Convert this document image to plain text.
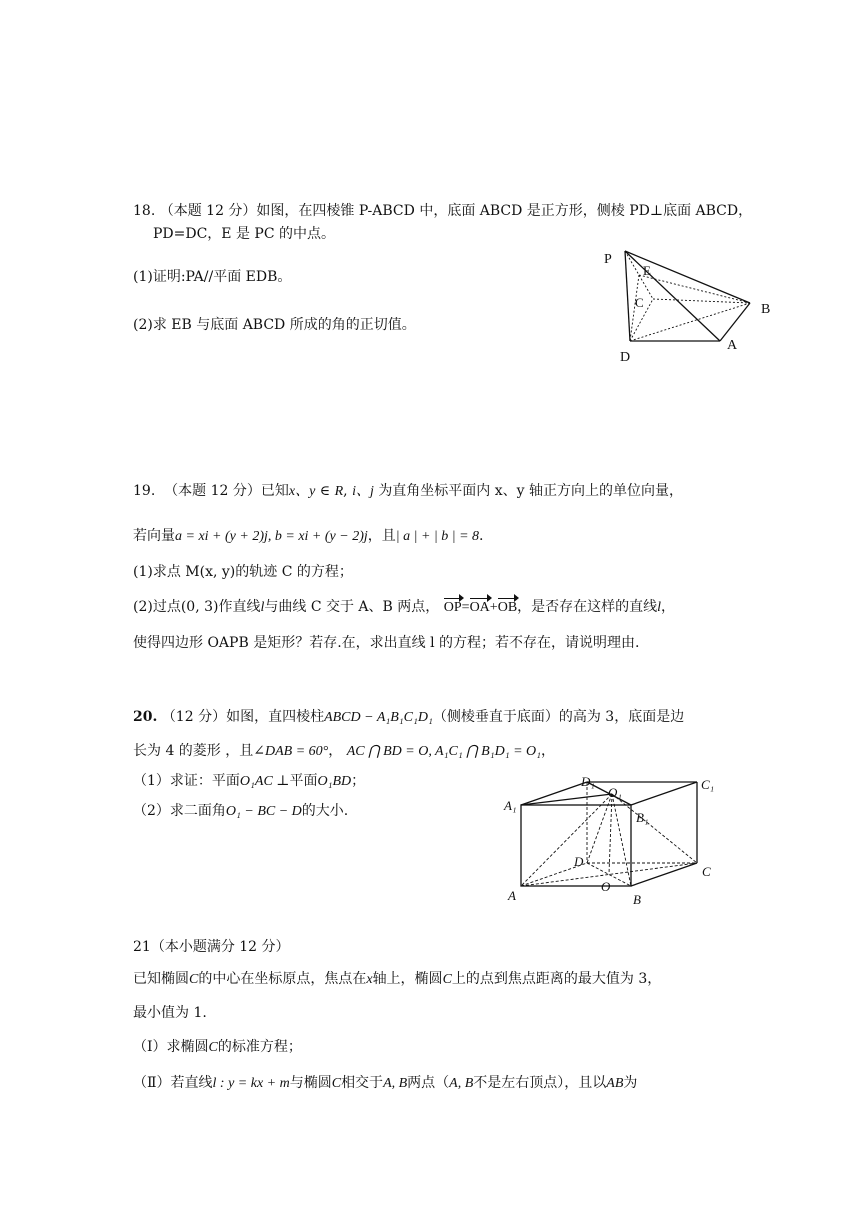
18. （本题 12 分）如图，在四棱锥 P-ABCD 中，底面 ABCD 是正方形，侧棱 PD⊥底面 ABCD，
PD=DC，E 是 PC 的中点。
(1)证明:PA//平面 EDB。
(2)求 EB 与底面 ABCD 所成的角的正切值。
P
E
C	B
D
A
19. （本题 12 分）已知x、y ∈ R, i、j 为直角坐标平面内 x、y 轴正方向上的单位向量，
若向量a = xi + (y + 2)j, b = xi + (y − 2)j，且| a | + | b | = 8.
(1)求点 M(x, y)的轨迹 C 的方程；
(2)过点(0, 3)作直线l与曲线 C 交于 A、B 两点， OP=OA+OB，是否存在这样的直线l，
使得四边形 OAPB 是矩形？若存.在，求出直线 l 的方程；若不存在，请说明理由.
20. （12 分）如图，直四棱柱ABCD − A₁B₁C₁D₁（侧棱垂直于底面）的高为 3，底面是边
长为 4 的菱形 ，且∠DAB = 60°， AC ⋂ BD = O, A₁C₁ ⋂ B₁D₁ = O₁，
（1）求证：平面O₁AC ⊥平面O₁BD；
（2）求二面角O₁ − BC − D的大小.
D₁
O₁
C₁
A₁
B₁
D
C
A
O
B
21（本小题满分 12 分）
已知椭圆C的中心在坐标原点，焦点在x轴上，椭圆C上的点到焦点距离的最大值为 3，
最小值为 1.
（Ⅰ）求椭圆C的标准方程；
（Ⅱ）若直线l : y = kx + m与椭圆C相交于A, B两点（A, B不是左右顶点），且以AB为
